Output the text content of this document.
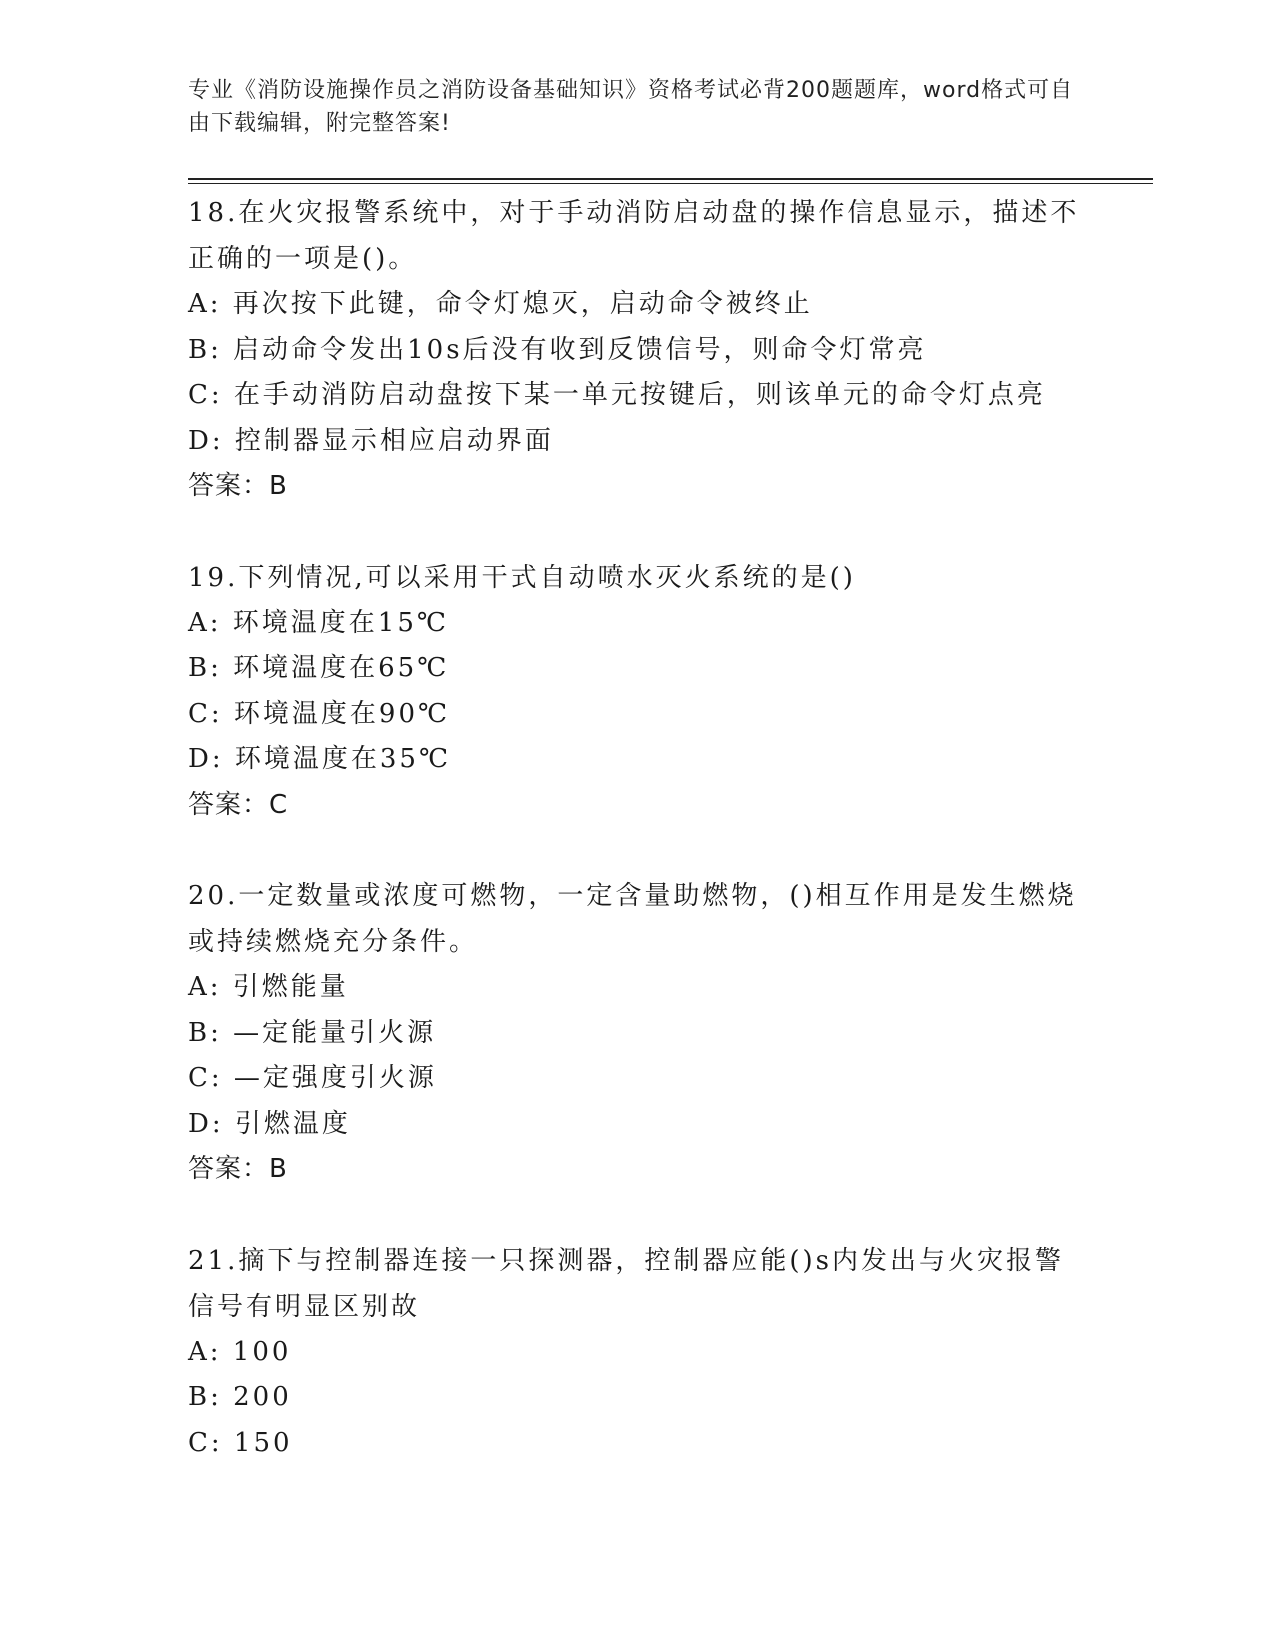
专业《消防设施操作员之消防设备基础知识》资格考试必背200题题库，word格式可自由下载编辑，附完整答案!
18.在火灾报警系统中，对于手动消防启动盘的操作信息显示，描述不正确的一项是()。
A: 再次按下此键，命令灯熄灭，启动命令被终止
B: 启动命令发出10s后没有收到反馈信号，则命令灯常亮
C: 在手动消防启动盘按下某一单元按键后，则该单元的命令灯点亮
D: 控制器显示相应启动界面
答案：B
19.下列情况,可以采用干式自动喷水灭火系统的是()
A: 环境温度在15℃
B: 环境温度在65℃
C: 环境温度在90℃
D: 环境温度在35℃
答案：C
20.一定数量或浓度可燃物，一定含量助燃物，()相互作用是发生燃烧或持续燃烧充分条件。
A: 引燃能量
B: —定能量引火源
C: —定强度引火源
D: 引燃温度
答案：B
21.摘下与控制器连接一只探测器，控制器应能()s内发出与火灾报警信号有明显区别故
A: 100
B: 200
C: 150
